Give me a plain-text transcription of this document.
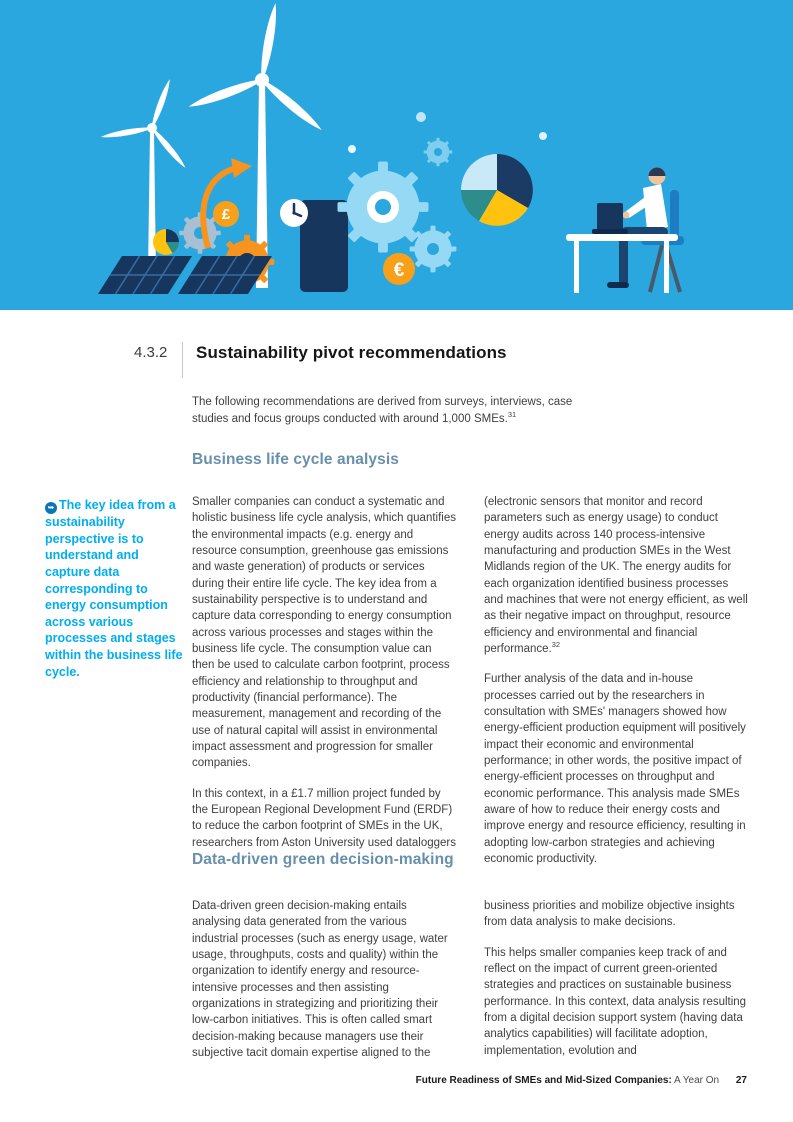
£
€
4.3.2	Sustainability pivot recommendations

The following recommendations are derived from surveys, interviews, case studies and focus groups conducted with around 1,000 SMEs.$^{31}$

Business life cycle analysis
➥ The key idea from a sustainability perspective is to understand and capture data corresponding to energy consumption across various processes and stages within the business life cycle.

Smaller companies can conduct a systematic and holistic business life cycle analysis, which quantifies the environmental impacts (e.g. energy and resource consumption, greenhouse gas emissions and waste generation) of products or services during their entire life cycle. The key idea from a sustainability perspective is to understand and capture data corresponding to energy consumption across various processes and stages within the business life cycle. The consumption value can then be used to calculate carbon footprint, process efficiency and relationship to throughput and productivity (financial performance). The measurement, management and recording of the use of natural capital will assist in environmental impact assessment and progression for smaller companies.

In this context, in a £1.7 million project funded by the European Regional Development Fund (ERDF) to reduce the carbon footprint of SMEs in the UK, researchers from Aston University used dataloggers

(electronic sensors that monitor and record parameters such as energy usage) to conduct energy audits across 140 process-intensive manufacturing and production SMEs in the West Midlands region of the UK. The energy audits for each organization identified business processes and machines that were not energy efficient, as well as their negative impact on throughput, resource efficiency and environmental and financial performance.$^{32}$

Further analysis of the data and in-house processes carried out by the researchers in consultation with SMEs' managers showed how energy-efficient production equipment will positively impact their economic and environmental performance; in other words, the positive impact of energy-efficient processes on throughput and economic performance. This analysis made SMEs aware of how to reduce their energy costs and improve energy and resource efficiency, resulting in adopting low-carbon strategies and achieving economic productivity.

Data-driven green decision-making

Data-driven green decision-making entails analysing data generated from the various industrial processes (such as energy usage, water usage, throughputs, costs and quality) within the organization to identify energy and resource-intensive processes and then assisting organizations in strategizing and prioritizing their low-carbon initiatives. This is often called smart decision-making because managers use their subjective tacit domain expertise aligned to the

business priorities and mobilize objective insights from data analysis to make decisions.

This helps smaller companies keep track of and reflect on the impact of current green-oriented strategies and practices on sustainable business performance. In this context, data analysis resulting from a digital decision support system (having data analytics capabilities) will facilitate adoption, implementation, evolution and

Future Readiness of SMEs and Mid-Sized Companies: A Year On 27
